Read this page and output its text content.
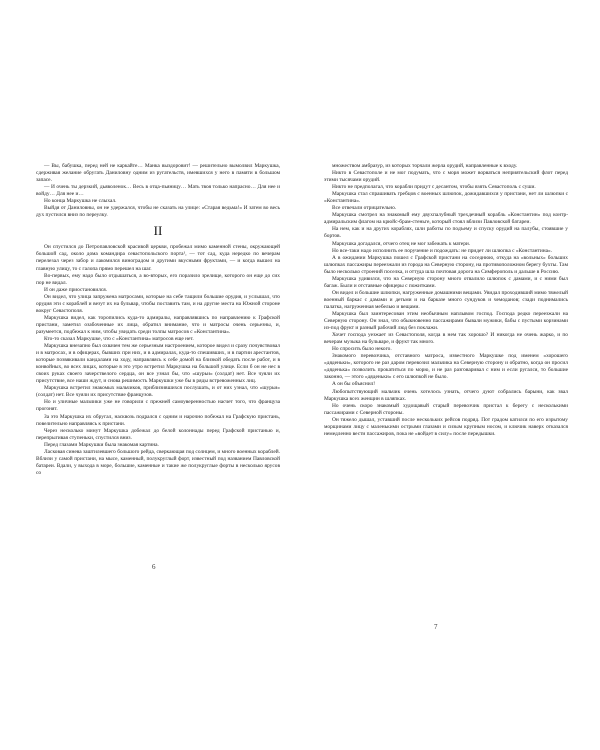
— Вы, бабушка, перед ней не каркайте… Манка выздоровит! — решительно вымолвил Маркушка, сдерживая желание обругать Даниловну одним из ругательств, имевшихся у него в памяти в большом запасе.

— И очень ты дерзкий, дьяволенок… Весь в отца-пьяницу… Мать твоя только напрасно… Для нее и войду… Для нее и…

Но конца Маркушка не слыхал.

Выйдя от Даниловны, он не удержался, чтобы не сказать на улице: «Старая ведьма!» И затем во весь дух пустился вниз по переулку.

II

Он спустился до Петропавловской красивой церкви, пробежал мимо каменной стены, окружающей большой сад, около дома командира севастопольского порта¹, — тот сад, куда нередко по вечерам перелезал через забор и лакомился виноградом и другими вкусными фруктами, — и когда вышел на главную улицу, то с галопа прямо перешел на шаг.

Во-первых, ему надо было отдышаться, а во-вторых, его поразило зрелище, которого он еще до сих пор не видал.

И он даже приостановился.

Он видел, что улица запружена матросами, которые на себе тащили большие орудия, и услышал, что орудия эти с кораблей и везут их на бульвар, чтобы поставить там, и на другие места на Южной стороне вокруг Севастополя.

Маркушка видел, как торопились куда-то адмиралы, направлявшись по направлению к Графской пристани, заметил озабоченные их лица, обратил внимание, что и матросы очень серьезны, и, разумеется, подбежал к ним, чтобы увидать среди толпы матросов с «Константина».

Кто-то сказал Маркушке, что с «Константина» матросов еще нет.

Маркушка внезапно был охвачен тем же серьезным настроением, которое видел и сразу почувствовал и в матросах, и в офицерах, бывших при них, и в адмиралах, куда-то спешивших, и в партии арестантов, которые позвякивали кандалами на ходу, направляясь к себе домой на близкой обедать после работ, и в конвойных, во всех лицах, которые в это утро встретил Маркушка на большой улице. Если б он не нес в своих руках своего зачерствелого сердца, он все узнал бы, что «шурьи» (солдат) нет. Все чуяли их присутствие, все наши ждут, и снова решимость Маркушки уже бы в ряды встревоженных лиц.

Маркушка встретил знакомых мальчиков, приблизившихся послушать, и от них узнал, что «шурьи» (солдат) нет. Все чуяли их присутствие французов.

Но и уличные мальчики уже не говорили с прежней самоуверенностью насчет того, что француза прогонят.

За это Маркушка их обругал, насквозь подрался с одним и нарочно побежал на Графскую пристань, повелительно направляясь к пристани.

Через несколько минут Маркушка добежал до белой колоннады перед Графской пристанью и, перепрыгивая ступеньки, спустился вниз.

Перед глазами Маркушки была знакомая картина.

Ласковая синева заштилевшего большого рейда, сверкающая под солнцем, и много военных кораблей. Вблизи у самой пристани, на мысе, каменный, полукруглый форт, известный под названием Павловской батареи. Вдали, у выхода в море, большие, каменные и такие же полукруглые форты в несколько ярусов со

6

множеством амбразур, из которых торчали жерла орудий, направленные к входу.

Никто в Севастополе и не мог подумать, что с моря может ворваться неприятельский флот перед этими тысячами орудий.

Никто не предполагал, что корабли придут с десантом, чтобы взять Севастополь с суши.

Маркушка стал спрашивать гребцов с военных шлюпок, дожидавшихся у пристани, нет ли шлюпки с «Константина».

Все отвечали отрицательно.

Маркушка смотрел на знакомый ему двухпалубный трехдечный корабль «Константин» под контр-адмиральским флагом на крюйс-брам-стеньге, который стоял вблизи Павловской батареи.

На нем, как и на других кораблях, шли работы по подъему и спуску орудий на палубы, стоявшие у бортов.

Маркушка догадался, отчего отец не мог забежать к матери.

Но все-таки надо исполнить ее поручение и подождать: не придет ли шлюпка с «Константина».

А в ожидании Маркушка пошел с Графской пристани на соседнюю, откуда на «вольных» больших шлюпках пассажиры переезжали из города на Северную сторону, на противоположном берегу бухты. Там было несколько строений поселка, и оттуда шла почтовая дорога на Симферополь и дальше в Россию.

Маркушка удивился, что на Северную сторону много отвалило шлюпок с дамами, и с ними был багаж. Были и отставные офицеры с пожитками.

Он видел и большие шлюпки, нагруженные домашними вещами. Увидал проходивший мимо тяжелый военный баркас с дамами и детьми и на барказе много сундуков и чемоданов; сзади поднимались палатка, нагруженная мебелью и вещами.

Маркушка был заинтересован этим необычным наплывом господ. Господа редко переезжали на Северную сторону. Он знал, что обыкновенно пассажирами бывали мужики, бабы с пустыми корзинами из-под фрукт и разный рабочий люд без поклажи.

Хочет господа уезжает из Севастополя, когда в нем так хорошо? И никогда не очень жарко, и по вечерам музыка на бульваре, и фрукт так много.

Но спросить было некого.

Знакомого перевозчика, отставного матроса, известного Маркушке под именем «хорошего «дяденьки», которого не раз даром перевозил мальчика на Северную сторону и обратно, когда он просил «дяденька» позволить прокатиться по морю, и не раз разговаривал с ним и если ругался, то большие законно, — этого «дяденьки» с его шлюпкой не было.

А он бы объяснил!

Любопытствующий мальчик очень хотелось узнать, отчего дуют собрались барыни, как звал Маркушка всех женщин в шляпках.

Но очень скоро знакомый худощавый старый перевозчик пристал к берегу с несколькими пассажирами с Северной стороны.

Он тяжело дышал, уставший после нескольких рейсов подряд. Пот градом катился по его изрытому морщинами лицу с маленькими острыми глазами и сизым крупным носом, и ключик наверх отказался немедленно вести пассажиров, пока не «войдет в силу» после передышки.

7
